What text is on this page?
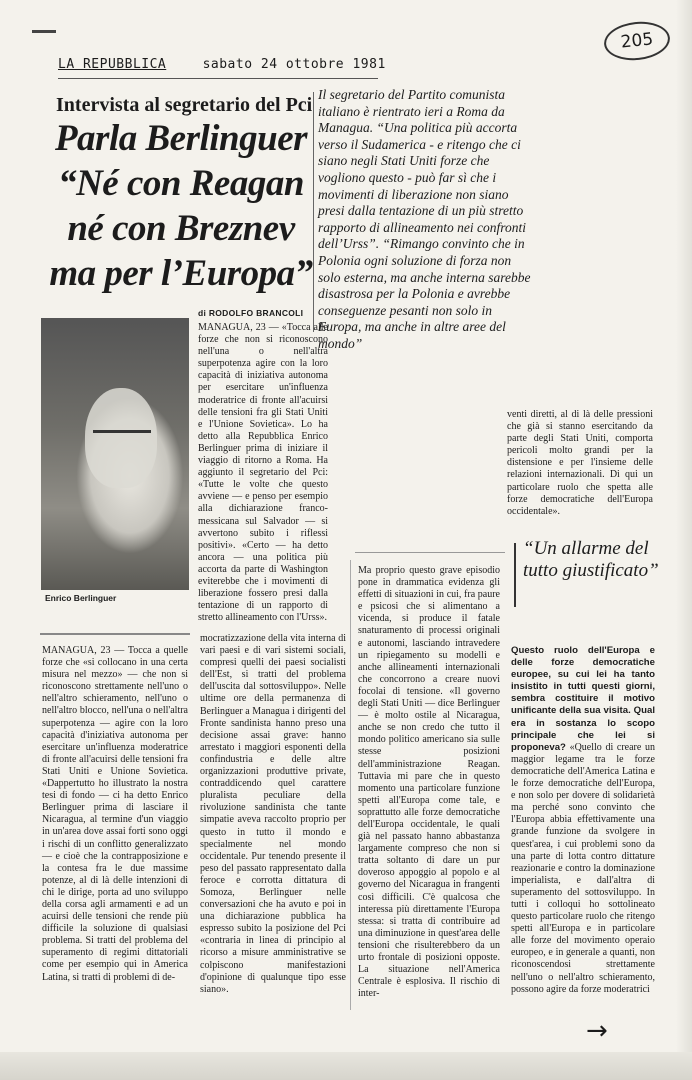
205
LA REPUBBLICA	sabato 24 ottobre 1981
Intervista al segretario del Pci
Parla Berlinguer “Né con Reagan né con Breznev ma per l’Europa”
Il segretario del Partito comunista italiano è rientrato ieri a Roma da Managua. “Una politica più accorta verso il Sudamerica - e ritengo che ci siano negli Stati Uniti forze che vogliono questo - può far sì che i movimenti di liberazione non siano presi dalla tentazione di un più stretto rapporto di allineamento nei confronti dell’Urss”. “Rimango convinto che in Polonia ogni soluzione di forza non solo esterna, ma anche interna sarebbe disastrosa per la Polonia e avrebbe conseguenze pesanti non solo in Europa, ma anche in altre aree del mondo”
Enrico Berlinguer
di RODOLFO BRANCOLI
MANAGUA, 23 — «Tocca alle forze che non si riconoscono nell'una o nell'altra superpotenza agire con la loro capacità di iniziativa autonoma per esercitare un'influenza moderatrice di fronte all'acuirsi delle tensioni fra gli Stati Uniti e l'Unione Sovietica». Lo ha detto alla Repubblica Enrico Berlinguer prima di iniziare il viaggio di ritorno a Roma. Ha aggiunto il segretario del Pci: «Tutte le volte che questo avviene — e penso per esempio alla dichiarazione franco-messicana sul Salvador — si avvertono subito i riflessi positivi». «Certo — ha detto ancora — una politica più accorta da parte di Washington eviterebbe che i movimenti di liberazione fossero presi dalla tentazione di un rapporto di stretto allineamento con l'Urss».
MANAGUA, 23 — Tocca a quelle forze che «si collocano in una certa misura nel mezzo» — che non si riconoscono strettamente nell'uno o nell'altro schieramento, nell'uno o nell'altro blocco, nell'una o nell'altra superpotenza — agire con la loro capacità d'iniziativa autonoma per esercitare un'influenza moderatrice di fronte all'acuirsi delle tensioni fra Stati Uniti e Unione Sovietica. «Dappertutto ho illustrato la nostra tesi di fondo — ci ha detto Enrico Berlinguer prima di lasciare il Nicaragua, al termine d'un viaggio in un'area dove assai forti sono oggi i rischi di un conflitto generalizzato — e cioè che la contrapposizione e la contesa fra le due massime potenze, al di là delle intenzioni di chi le dirige, porta ad uno sviluppo della corsa agli armamenti e ad un acuirsi delle tensioni che rende più difficile la soluzione di qualsiasi problema. Si tratti del problema del superamento di regimi dittatoriali come per esempio qui in America Latina, si tratti di problemi di de-
mocratizzazione della vita interna di vari paesi e di vari sistemi sociali, compresi quelli dei paesi socialisti dell'Est, si tratti del problema dell'uscita dal sottosviluppo». Nelle ultime ore della permanenza di Berlinguer a Managua i dirigenti del Fronte sandinista hanno preso una decisione assai grave: hanno arrestato i maggiori esponenti della confindustria e delle altre organizzazioni produttive private, contraddicendo quel carattere pluralista peculiare della rivoluzione sandinista che tante simpatie aveva raccolto proprio per questo in tutto il mondo e specialmente nel mondo occidentale. Pur tenendo presente il peso del passato rappresentato dalla feroce e corrotta dittatura di Somoza, Berlinguer nelle conversazioni che ha avuto e poi in una dichiarazione pubblica ha espresso subito la posizione del Pci «contraria in linea di principio al ricorso a misure amministrative se colpiscono manifestazioni d'opinione di qualunque tipo esse siano».
Ma proprio questo grave episodio pone in drammatica evidenza gli effetti di situazioni in cui, fra paure e psicosi che si alimentano a vicenda, si produce il fatale snaturamento di processi originali e autonomi, lasciando intravedere un ripiegamento su modelli e anche allineamenti internazionali che concorrono a creare nuovi focolai di tensione. «Il governo degli Stati Uniti — dice Berlinguer — è molto ostile al Nicaragua, anche se non credo che tutto il mondo politico americano sia sulle stesse posizioni dell'amministrazione Reagan. Tuttavia mi pare che in questo momento una particolare funzione spetti all'Europa come tale, e soprattutto alle forze democratiche dell'Europa occidentale, le quali già nel passato hanno abbastanza largamente compreso che non si tratta soltanto di dare un pur doveroso appoggio al popolo e al governo del Nicaragua in frangenti così difficili. C'è qualcosa che interessa più direttamente l'Europa stessa: si tratta di contribuire ad una diminuzione in quest'area delle tensioni che risulterebbero da un urto frontale di posizioni opposte. La situazione nell'America Centrale è esplosiva. Il rischio di inter-
venti diretti, al di là delle pressioni che già si stanno esercitando da parte degli Stati Uniti, comporta pericoli molto grandi per la distensione e per l'insieme delle relazioni internazionali. Di qui un particolare ruolo che spetta alle forze democratiche dell'Europa occidentale».
“Un allarme del tutto giustificato”
Questo ruolo dell'Europa e delle forze democratiche europee, su cui lei ha tanto insistito in tutti questi giorni, sembra costituire il motivo unificante della sua visita. Qual era in sostanza lo scopo principale che lei si proponeva? «Quello di creare un maggior legame tra le forze democratiche dell'America Latina e le forze democratiche dell'Europa, e non solo per dovere di solidarietà ma perché sono convinto che l'Europa abbia effettivamente una grande funzione da svolgere in quest'area, i cui problemi sono da una parte di lotta contro dittature reazionarie e contro la dominazione imperialista, e dall'altra di superamento del sottosviluppo. In tutti i colloqui ho sottolineato questo particolare ruolo che ritengo spetti all'Europa e in particolare alle forze del movimento operaio europeo, e in generale a quanti, non riconoscendosi strettamente nell'uno o nell'altro schieramento, possono agire da forze moderatrici
→
